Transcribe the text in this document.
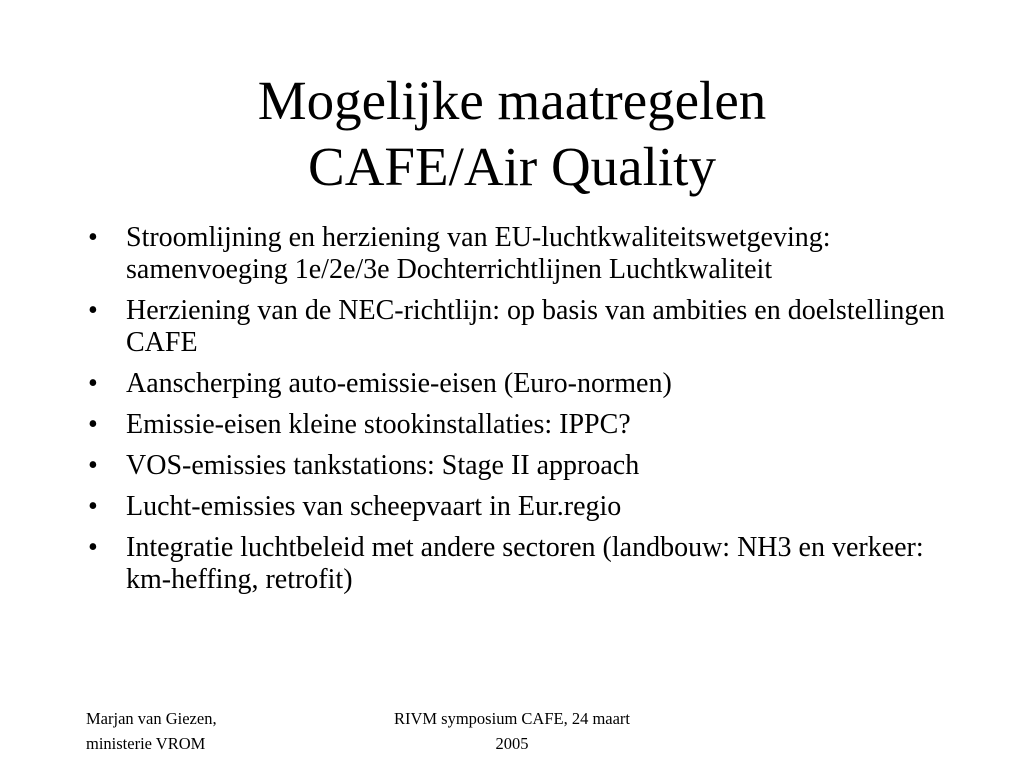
Mogelijke maatregelen
CAFE/Air Quality
• Stroomlijning en herziening van EU-luchtkwaliteitswetgeving: samenvoeging 1e/2e/3e Dochterrichtlijnen Luchtkwaliteit
• Herziening van de NEC-richtlijn: op basis van ambities en doelstellingen CAFE
• Aanscherping auto-emissie-eisen (Euro-normen)
• Emissie-eisen kleine stookinstallaties: IPPC?
• VOS-emissies tankstations: Stage II approach
• Lucht-emissies van scheepvaart in Eur.regio
• Integratie luchtbeleid met andere sectoren (landbouw: NH3 en verkeer: km-heffing, retrofit)
Marjan van Giezen,
ministerie VROM
RIVM symposium CAFE, 24 maart
2005
